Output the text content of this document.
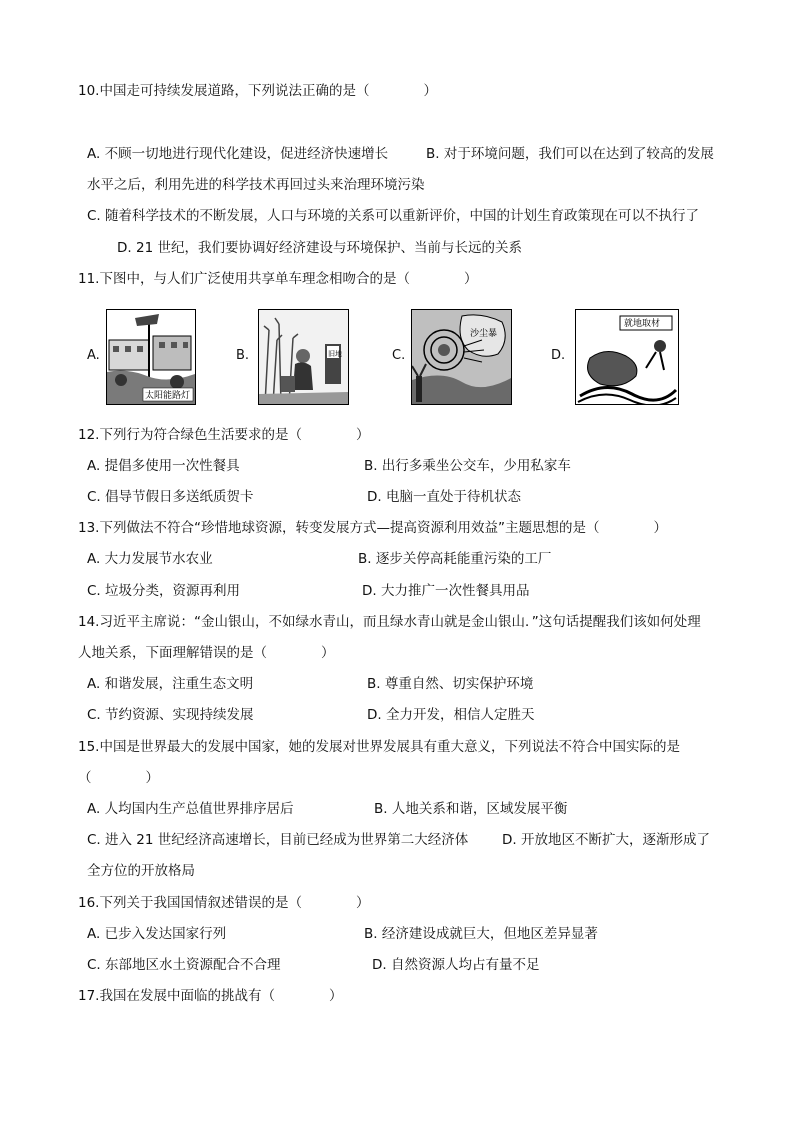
10.中国走可持续发展道路，下列说法正确的是（　　　　）
A. 不顾一切地进行现代化建设，促进经济快速增长	B. 对于环境问题，我们可以在达到了较高的发展
水平之后，利用先进的科学技术再回过头来治理环境污染
C. 随着科学技术的不断发展，人口与环境的关系可以重新评价，中国的计划生育政策现在可以不执行了
D. 21 世纪，我们要协调好经济建设与环境保护、当前与长远的关系
11.下图中，与人们广泛使用共享单车理念相吻合的是（　　　　）
A.
太阳能路灯
B.	旧地	C.
沙尘暴
D.
就地取材
12.下列行为符合绿色生活要求的是（　　　　）
A. 提倡多使用一次性餐具	B. 出行多乘坐公交车，少用私家车
C. 倡导节假日多送纸质贺卡	D. 电脑一直处于待机状态
13.下列做法不符合“珍惜地球资源，转变发展方式—提高资源利用效益”主题思想的是（　　　　）
A. 大力发展节水农业	B. 逐步关停高耗能重污染的工厂
C. 垃圾分类，资源再利用	D. 大力推广一次性餐具用品
14.习近平主席说：“金山银山，不如绿水青山，而且绿水青山就是金山银山．”这句话提醒我们该如何处理
人地关系，下面理解错误的是（　　　　）
A. 和谐发展，注重生态文明	B. 尊重自然、切实保护环境
C. 节约资源、实现持续发展	D. 全力开发，相信人定胜天
15.中国是世界最大的发展中国家，她的发展对世界发展具有重大意义，下列说法不符合中国实际的是
（　　　　）
A. 人均国内生产总值世界排序居后	B. 人地关系和谐，区域发展平衡
C. 进入 21 世纪经济高速增长，目前已经成为世界第二大经济体 D. 开放地区不断扩大，逐渐形成了
全方位的开放格局
16.下列关于我国国情叙述错误的是（　　　　）
A. 已步入发达国家行列	B. 经济建设成就巨大，但地区差异显著
C. 东部地区水土资源配合不合理	D. 自然资源人均占有量不足
17.我国在发展中面临的挑战有（　　　　）
